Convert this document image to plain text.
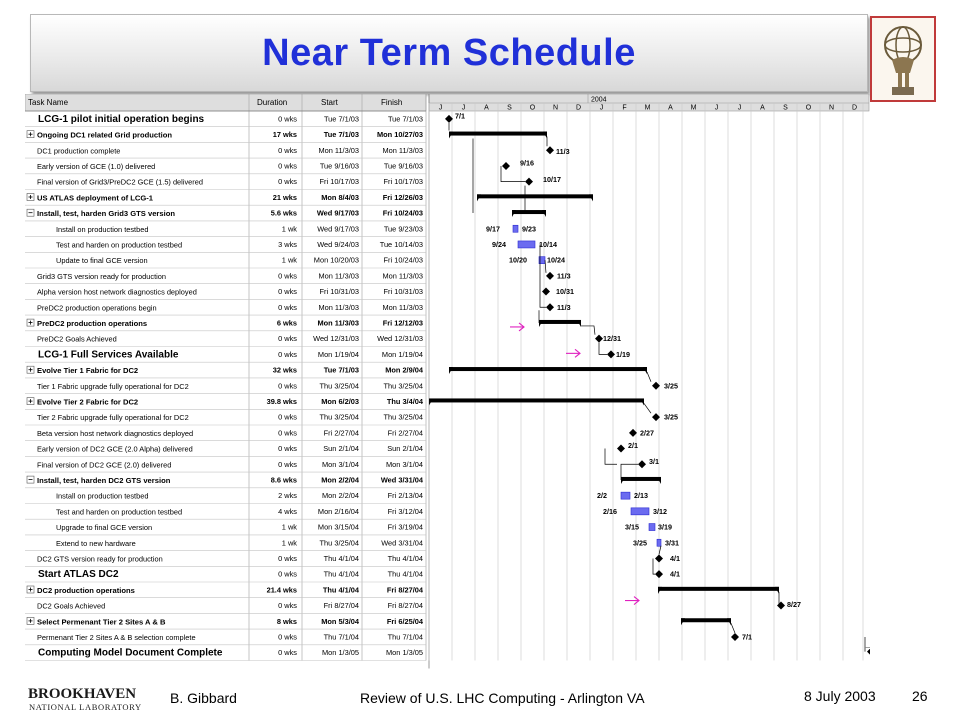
Near Term Schedule
Task Name	Duration	Start	Finish	2004
J	J	A	S	O	N	D	J	F	M	A	M	J	J	A	S	O	N	D
LCG-1 pilot initial operation begins	0 wks	Tue 7/1/03	Tue 7/1/03
Ongoing DC1 related Grid production	17 wks	Tue 7/1/03 Mon 10/27/03
DC1 production complete	0 wks	Mon 11/3/03	Mon 11/3/03
Early version of GCE (1.0) delivered	0 wks	Tue 9/16/03	Tue 9/16/03
Final version of Grid3/PreDC2 GCE (1.5) delivered	0 wks	Fri 10/17/03	Fri 10/17/03
US ATLAS deployment of LCG-1	21 wks	Mon 8/4/03	Fri 12/26/03
Install, test, harden Grid3 GTS version	5.6 wks	Wed 9/17/03	Fri 10/24/03
Install on production testbed	1 wk	Wed 9/17/03	Tue 9/23/03
Test and harden on production testbed	3 wks	Wed 9/24/03	Tue 10/14/03
Update to final GCE version	1 wk Mon 10/20/03	Fri 10/24/03
Grid3 GTS version ready for production	0 wks	Mon 11/3/03	Mon 11/3/03
Alpha version host network diagnostics deployed	0 wks	Fri 10/31/03	Fri 10/31/03
PreDC2 production operations begin	0 wks	Mon 11/3/03	Mon 11/3/03
PreDC2 production operations	6 wks	Mon 11/3/03	Fri 12/12/03
PreDC2 Goals Achieved	0 wks Wed 12/31/03 Wed 12/31/03
LCG-1 Full Services Available	0 wks	Mon 1/19/04	Mon 1/19/04
Evolve Tier 1 Fabric for DC2	32 wks	Tue 7/1/03	Mon 2/9/04
Tier 1 Fabric upgrade fully operational for DC2	0 wks	Thu 3/25/04	Thu 3/25/04
Evolve Tier 2 Fabric for DC2	39.8 wks	Mon 6/2/03	Thu 3/4/04
Tier 2 Fabric upgrade fully operational for DC2	0 wks	Thu 3/25/04	Thu 3/25/04
Beta version host network diagnostics deployed	0 wks	Fri 2/27/04	Fri 2/27/04
Early version of DC2 GCE (2.0 Alpha) delivered	0 wks	Sun 2/1/04	Sun 2/1/04
Final version of DC2 GCE (2.0) delivered	0 wks	Mon 3/1/04	Mon 3/1/04
Install, test, harden DC2 GTS version	8.6 wks	Mon 2/2/04	Wed 3/31/04
Install on production testbed	2 wks	Mon 2/2/04	Fri 2/13/04
Test and harden on production testbed	4 wks	Mon 2/16/04	Fri 3/12/04
Upgrade to final GCE version	1 wk	Mon 3/15/04	Fri 3/19/04
Extend to new hardware	1 wk	Thu 3/25/04	Wed 3/31/04
DC2 GTS version ready for production	0 wks	Thu 4/1/04	Thu 4/1/04
Start ATLAS DC2	0 wks	Thu 4/1/04	Thu 4/1/04
DC2 production operations	21.4 wks	Thu 4/1/04	Fri 8/27/04
DC2 Goals Achieved	0 wks	Fri 8/27/04	Fri 8/27/04
Select Permenant Tier 2 Sites A & B	8 wks	Mon 5/3/04	Fri 6/25/04
Permenant Tier 2 Sites A & B selection complete	0 wks	Thu 7/1/04	Thu 7/1/04
Computing Model Document Complete	0 wks	Mon 1/3/05	Mon 1/3/05
7/1
11/3
9/16
10/17
9/17	9/23
9/24	10/14
10/20	10/24
11/3
10/31
11/3
12/31
1/19
3/25
3/25
2/27
2/1
3/1
2/2	2/13
2/16	3/12
3/15	3/19
3/25	3/31
4/1
4/1
8/27
7/1
BROOKHAVEN
NATIONAL LABORATORY
B. Gibbard	Review of U.S. LHC Computing - Arlington VA	8 July 2003	26
